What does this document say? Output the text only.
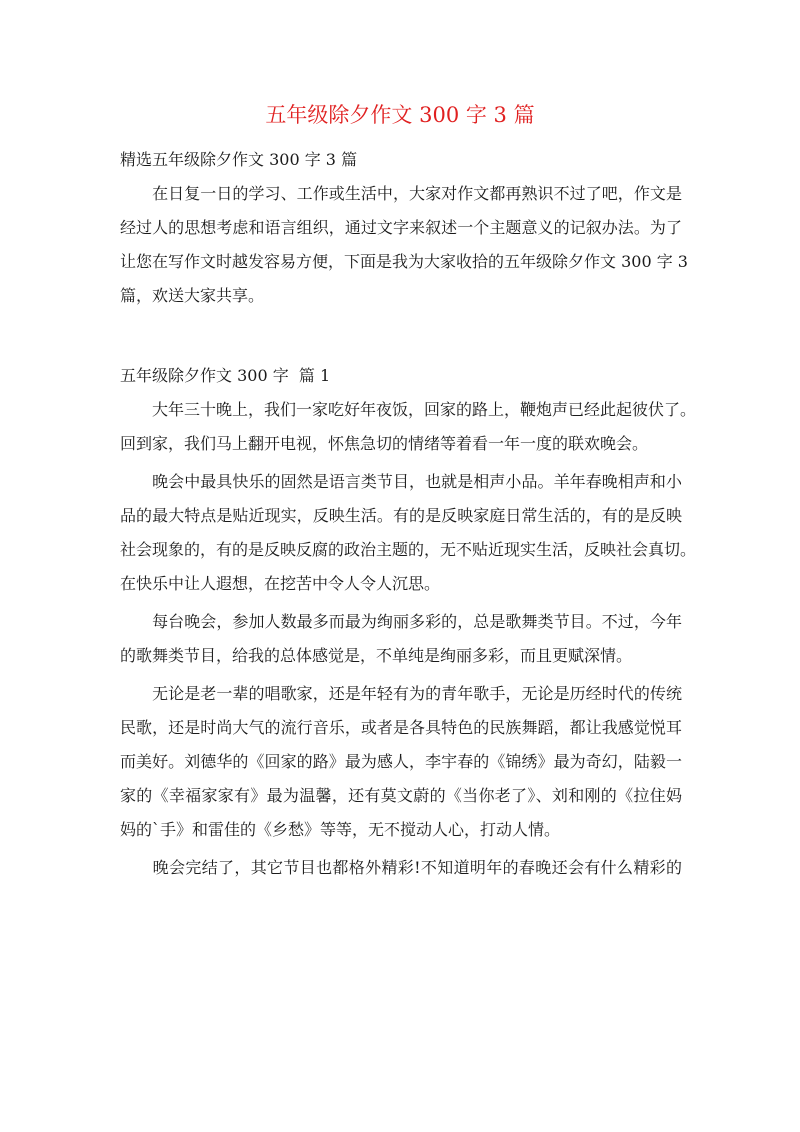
五年级除夕作文 300 字 3 篇

精选五年级除夕作文 300 字 3 篇

　　在日复一日的学习、工作或生活中，大家对作文都再熟识不过了吧，作文是

经过人的思想考虑和语言组织，通过文字来叙述一个主题意义的记叙办法。为了

让您在写作文时越发容易方便，下面是我为大家收拾的五年级除夕作文 300 字 3

篇，欢送大家共享。

五年级除夕作文 300 字  篇 1

　　大年三十晚上，我们一家吃好年夜饭，回家的路上，鞭炮声已经此起彼伏了。

回到家，我们马上翻开电视，怀焦急切的情绪等着看一年一度的联欢晚会。

　　晚会中最具快乐的固然是语言类节目，也就是相声小品。羊年春晚相声和小

品的最大特点是贴近现实，反映生活。有的是反映家庭日常生活的，有的是反映

社会现象的，有的是反映反腐的政治主题的，无不贴近现实生活，反映社会真切。

在快乐中让人遐想，在挖苦中令人令人沉思。

　　每台晚会，参加人数最多而最为绚丽多彩的，总是歌舞类节目。不过，今年

的歌舞类节目，给我的总体感觉是，不单纯是绚丽多彩，而且更赋深情。

　　无论是老一辈的唱歌家，还是年轻有为的青年歌手，无论是历经时代的传统

民歌，还是时尚大气的流行音乐，或者是各具特色的民族舞蹈，都让我感觉悦耳

而美好。刘德华的《回家的路》最为感人，李宇春的《锦绣》最为奇幻，陆毅一

家的《幸福家家有》最为温馨，还有莫文蔚的《当你老了》、刘和刚的《拉住妈

妈的`手》和雷佳的《乡愁》等等，无不搅动人心，打动人情。

　　晚会完结了，其它节目也都格外精彩!不知道明年的春晚还会有什么精彩的
